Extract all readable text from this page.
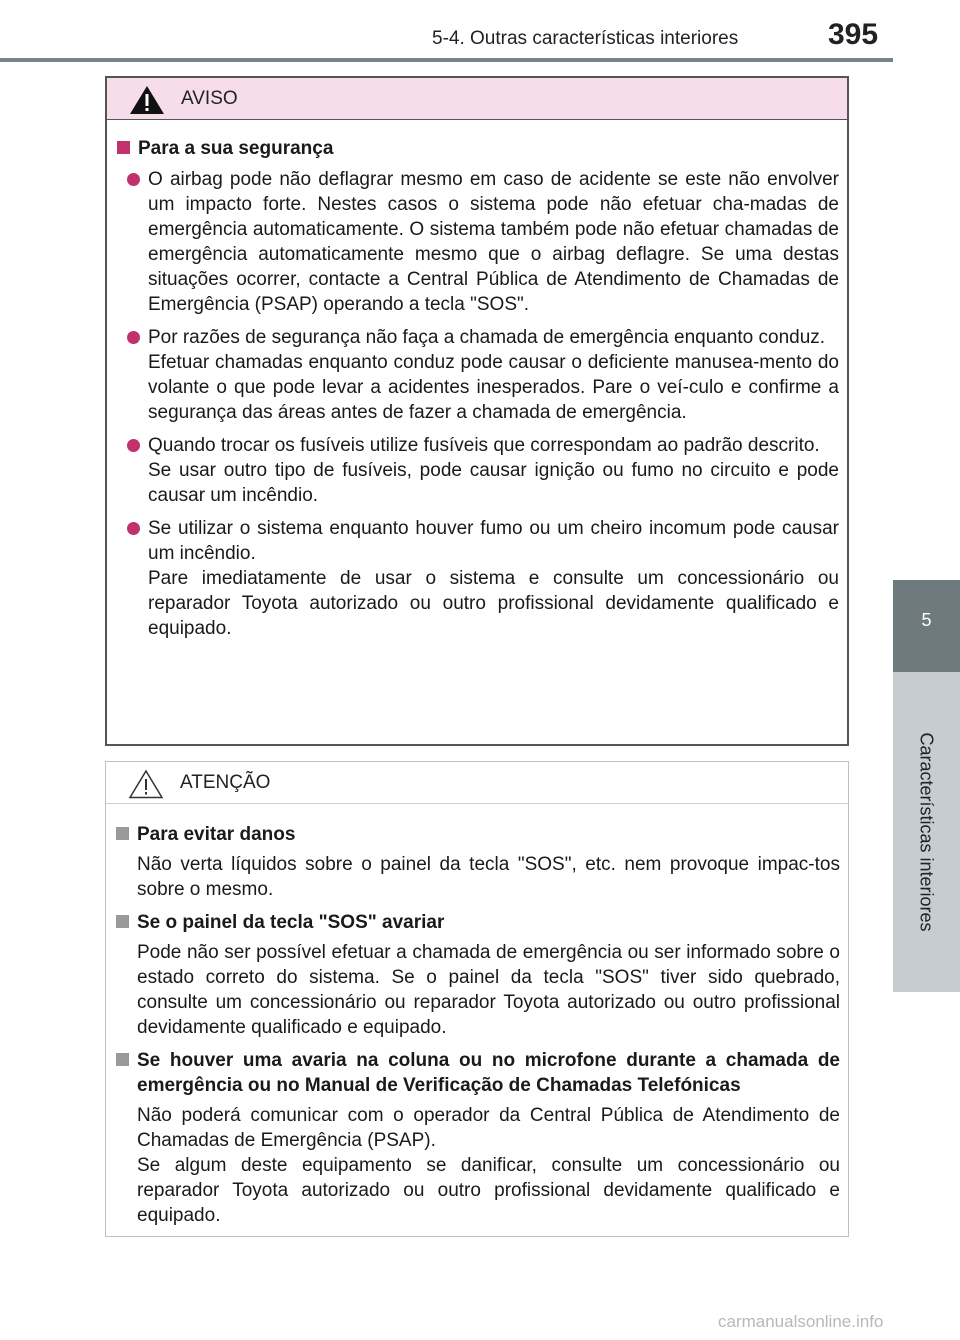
5-4. Outras características interiores	395
5
Características interiores
AVISO
Para a sua segurança
O airbag pode não deflagrar mesmo em caso de acidente se este não envolver um impacto forte. Nestes casos o sistema pode não efetuar cha-madas de emergência automaticamente. O sistema também pode não efetuar chamadas de emergência automaticamente mesmo que o airbag deflagre. Se uma destas situações ocorrer, contacte a Central Pública de Atendimento de Chamadas de Emergência (PSAP) operando a tecla "SOS".
Por razões de segurança não faça a chamada de emergência enquanto conduz.
Efetuar chamadas enquanto conduz pode causar o deficiente manusea-mento do volante o que pode levar a acidentes inesperados. Pare o veí-culo e confirme a segurança das áreas antes de fazer a chamada de emergência.
Quando trocar os fusíveis utilize fusíveis que correspondam ao padrão descrito.
Se usar outro tipo de fusíveis, pode causar ignição ou fumo no circuito e pode causar um incêndio.
Se utilizar o sistema enquanto houver fumo ou um cheiro incomum pode causar um incêndio.
Pare imediatamente de usar o sistema e consulte um concessionário ou reparador Toyota autorizado ou outro profissional devidamente qualificado e equipado.
ATENÇÃO
Para evitar danos
Não verta líquidos sobre o painel da tecla "SOS", etc. nem provoque impac-tos sobre o mesmo.
Se o painel da tecla "SOS" avariar
Pode não ser possível efetuar a chamada de emergência ou ser informado sobre o estado correto do sistema. Se o painel da tecla "SOS" tiver sido quebrado, consulte um concessionário ou reparador Toyota autorizado ou outro profissional devidamente qualificado e equipado.
Se houver uma avaria na coluna ou no microfone durante a chamada de emergência ou no Manual de Verificação de Chamadas Telefónicas
Não poderá comunicar com o operador da Central Pública de Atendimento de Chamadas de Emergência (PSAP).
Se algum deste equipamento se danificar, consulte um concessionário ou reparador Toyota autorizado ou outro profissional devidamente qualificado e equipado.
carmanualsonline.info
